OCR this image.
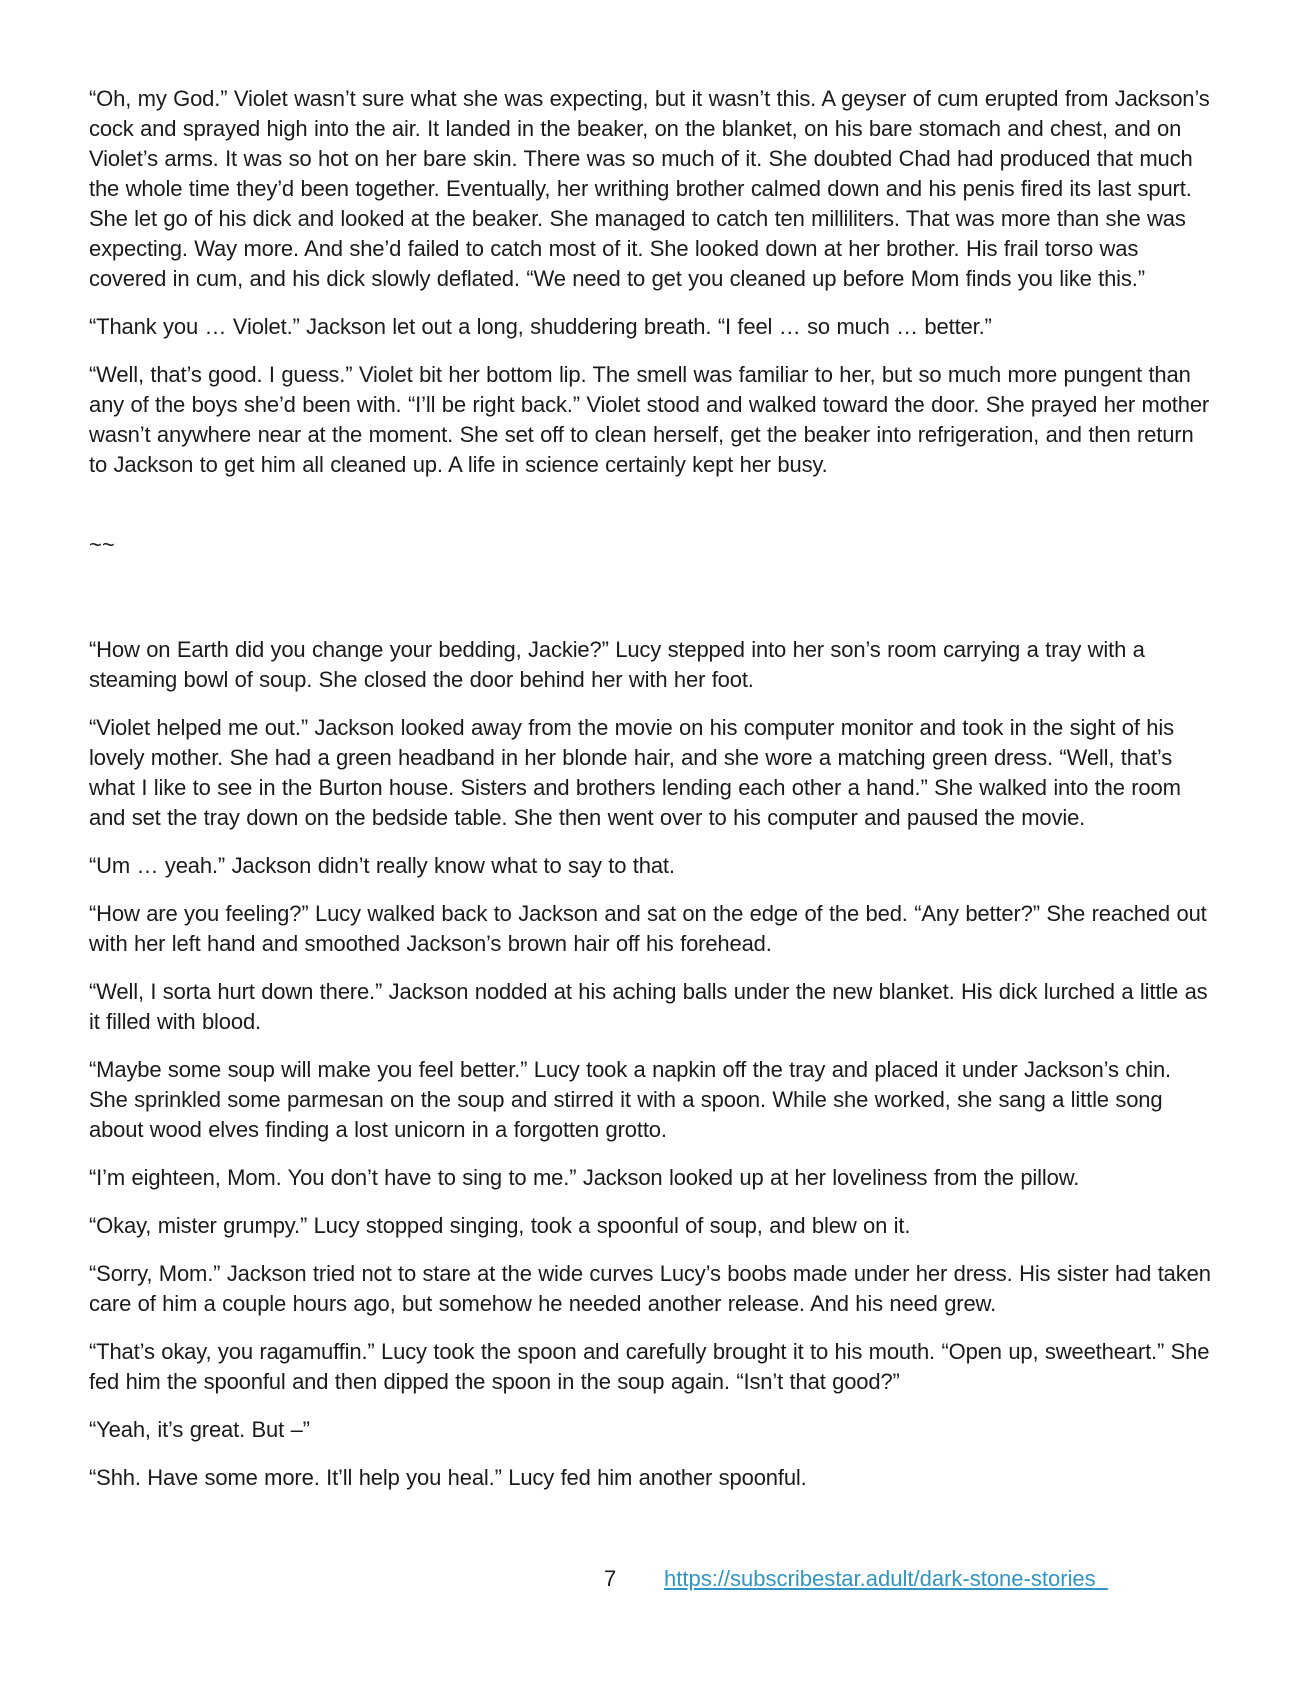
“Oh, my God.” Violet wasn’t sure what she was expecting, but it wasn’t this. A geyser of cum erupted from Jackson’s cock and sprayed high into the air. It landed in the beaker, on the blanket, on his bare stomach and chest, and on Violet’s arms. It was so hot on her bare skin. There was so much of it. She doubted Chad had produced that much the whole time they’d been together. Eventually, her writhing brother calmed down and his penis fired its last spurt. She let go of his dick and looked at the beaker. She managed to catch ten milliliters. That was more than she was expecting. Way more. And she’d failed to catch most of it. She looked down at her brother. His frail torso was covered in cum, and his dick slowly deflated. “We need to get you cleaned up before Mom finds you like this.”

“Thank you … Violet.” Jackson let out a long, shuddering breath. “I feel … so much … better.”

“Well, that’s good. I guess.” Violet bit her bottom lip. The smell was familiar to her, but so much more pungent than any of the boys she’d been with. “I’ll be right back.” Violet stood and walked toward the door. She prayed her mother wasn’t anywhere near at the moment. She set off to clean herself, get the beaker into refrigeration, and then return to Jackson to get him all cleaned up. A life in science certainly kept her busy.

~~

“How on Earth did you change your bedding, Jackie?” Lucy stepped into her son’s room carrying a tray with a steaming bowl of soup. She closed the door behind her with her foot.

“Violet helped me out.” Jackson looked away from the movie on his computer monitor and took in the sight of his lovely mother. She had a green headband in her blonde hair, and she wore a matching green dress. “Well, that’s what I like to see in the Burton house. Sisters and brothers lending each other a hand.” She walked into the room and set the tray down on the bedside table. She then went over to his computer and paused the movie.

“Um … yeah.” Jackson didn’t really know what to say to that.

“How are you feeling?” Lucy walked back to Jackson and sat on the edge of the bed. “Any better?” She reached out with her left hand and smoothed Jackson’s brown hair off his forehead.

“Well, I sorta hurt down there.” Jackson nodded at his aching balls under the new blanket. His dick lurched a little as it filled with blood.

“Maybe some soup will make you feel better.” Lucy took a napkin off the tray and placed it under Jackson’s chin. She sprinkled some parmesan on the soup and stirred it with a spoon. While she worked, she sang a little song about wood elves finding a lost unicorn in a forgotten grotto.

“I’m eighteen, Mom. You don’t have to sing to me.” Jackson looked up at her loveliness from the pillow.

“Okay, mister grumpy.” Lucy stopped singing, took a spoonful of soup, and blew on it.

“Sorry, Mom.” Jackson tried not to stare at the wide curves Lucy’s boobs made under her dress. His sister had taken care of him a couple hours ago, but somehow he needed another release. And his need grew.

“That’s okay, you ragamuffin.” Lucy took the spoon and carefully brought it to his mouth. “Open up, sweetheart.” She fed him the spoonful and then dipped the spoon in the soup again. “Isn’t that good?”

“Yeah, it’s great. But –”

“Shh. Have some more. It’ll help you heal.” Lucy fed him another spoonful.

7 https://subscribestar.adult/dark-stone-stories
